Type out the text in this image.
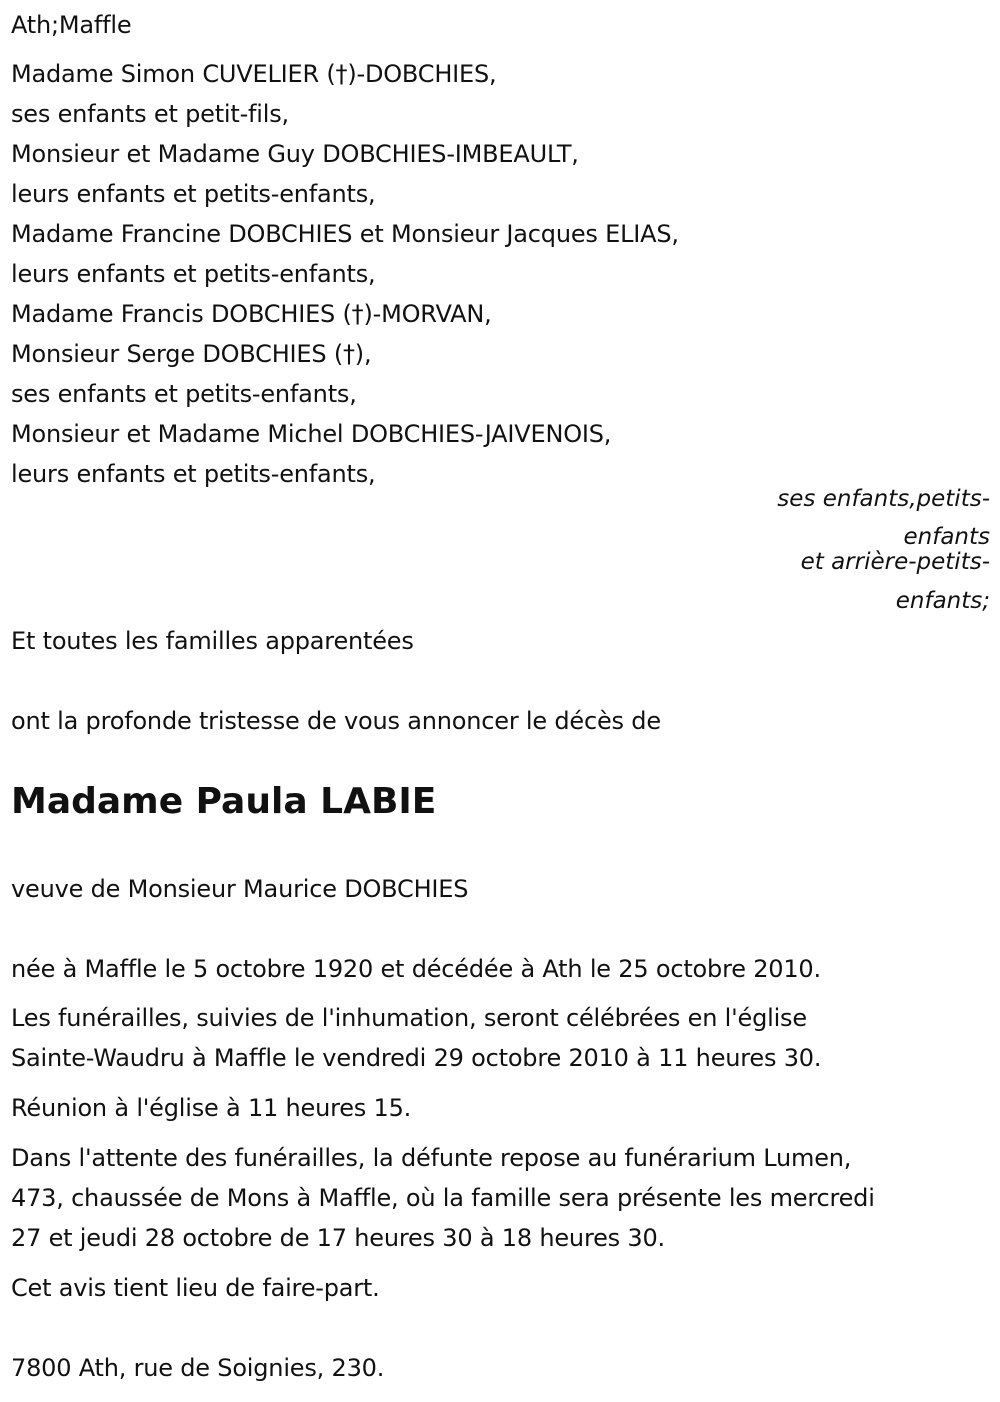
Ath;Maffle
Madame Simon CUVELIER (†)-DOBCHIES,
ses enfants et petit-fils,
Monsieur et Madame Guy DOBCHIES-IMBEAULT,
leurs enfants et petits-enfants,
Madame Francine DOBCHIES et Monsieur Jacques ELIAS,
leurs enfants et petits-enfants,
Madame Francis DOBCHIES (†)-MORVAN,
Monsieur Serge DOBCHIES (†),
ses enfants et petits-enfants,
Monsieur et Madame Michel DOBCHIES-JAIVENOIS,
leurs enfants et petits-enfants,
ses enfants,petits-
enfants
et arrière-petits-
enfants;
Et toutes les familles apparentées
ont la profonde tristesse de vous annoncer le décès de
Madame Paula LABIE
veuve de Monsieur Maurice DOBCHIES
née à Maffle le 5 octobre 1920 et décédée à Ath le 25 octobre 2010.
Les funérailles, suivies de l'inhumation, seront célébrées en l'église
Sainte-Waudru à Maffle le vendredi 29 octobre 2010 à 11 heures 30.
Réunion à l'église à 11 heures 15.
Dans l'attente des funérailles, la défunte repose au funérarium Lumen,
473, chaussée de Mons à Maffle, où la famille sera présente les mercredi
27 et jeudi 28 octobre de 17 heures 30 à 18 heures 30.
Cet avis tient lieu de faire-part.
7800 Ath, rue de Soignies, 230.
